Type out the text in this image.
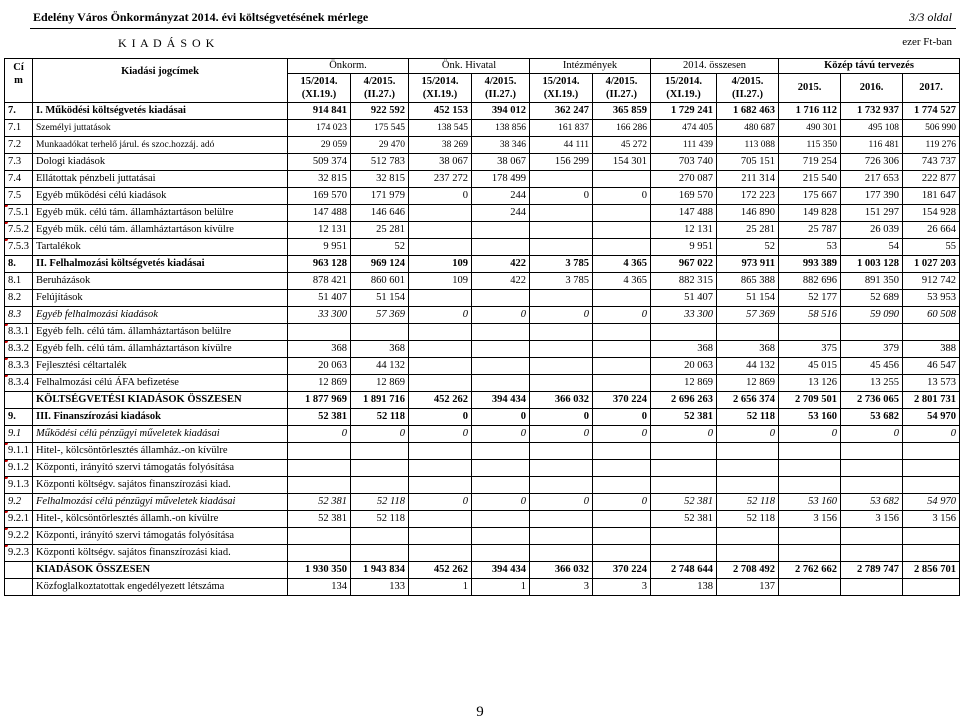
Edelény Város Önkormányzat 2014. évi költségvetésének mérlege	3/3 oldal
K I A D Á S O K	ezer Ft-ban
Cí
m	Kiadási jogcímek	Önkorm.		Önk. Hivatal		Intézmények		2014. összesen		Közép távú tervezés		
		15/2014. (XI.19.)	4/2015. (II.27.)	15/2014. (XI.19.)	4/2015. (II.27.)	15/2014. (XI.19.)	4/2015. (II.27.)	15/2014. (XI.19.)	4/2015. (II.27.)	2015.	2016.	2017.
7.	I. Működési költségvetés kiadásai	914 841	922 592	452 153	394 012	362 247	365 859	1 729 241	1 682 463	1 716 112	1 732 937	1 774 527
7.1	Személyi juttatások	174 023	175 545	138 545	138 856	161 837	166 286	474 405	480 687	490 301	495 108	506 990
7.2	Munkaadókat terhelő járul. és szoc.hozzáj. adó	29 059	29 470	38 269	38 346	44 111	45 272	111 439	113 088	115 350	116 481	119 276
7.3	Dologi kiadások	509 374	512 783	38 067	38 067	156 299	154 301	703 740	705 151	719 254	726 306	743 737
7.4	Ellátottak pénzbeli juttatásai	32 815	32 815	237 272	178 499			270 087	211 314	215 540	217 653	222 877
7.5	Egyéb működési célú kiadások	169 570	171 979	0	244	0	0	169 570	172 223	175 667	177 390	181 647
7.5.1	Egyéb műk. célú tám. államháztartáson belülre	147 488	146 646		244			147 488	146 890	149 828	151 297	154 928
7.5.2	Egyéb műk. célú tám. államháztartáson kívülre	12 131	25 281					12 131	25 281	25 787	26 039	26 664
7.5.3	Tartalékok	9 951	52					9 951	52	53	54	55
8.	II. Felhalmozási költségvetés kiadásai	963 128	969 124	109	422	3 785	4 365	967 022	973 911	993 389	1 003 128	1 027 203
8.1	Beruházások	878 421	860 601	109	422	3 785	4 365	882 315	865 388	882 696	891 350	912 742
8.2	Felújítások	51 407	51 154					51 407	51 154	52 177	52 689	53 953
8.3	Egyéb felhalmozási kiadások	33 300	57 369	0	0	0	0	33 300	57 369	58 516	59 090	60 508
8.3.1	Egyéb felh. célú tám. államháztartáson belülre											
8.3.2	Egyéb felh. célú tám. államháztartáson kívülre	368	368					368	368	375	379	388
8.3.3	Fejlesztési céltartalék	20 063	44 132					20 063	44 132	45 015	45 456	46 547
8.3.4	Felhalmozási célú ÁFA befizetése	12 869	12 869					12 869	12 869	13 126	13 255	13 573
	KÖLTSÉGVETÉSI KIADÁSOK ÖSSZESEN	1 877 969	1 891 716	452 262	394 434	366 032	370 224	2 696 263	2 656 374	2 709 501	2 736 065	2 801 731
9.	III. Finanszírozási kiadások	52 381	52 118	0	0	0	0	52 381	52 118	53 160	53 682	54 970
9.1	Működési célú pénzügyi műveletek kiadásai	0	0	0	0	0	0	0	0	0	0	0
9.1.1	Hitel-, kölcsöntörlesztés államház.-on kívülre											
9.1.2	Központi, irányító szervi támogatás folyósítása											
9.1.3	Központi költségv. sajátos finanszírozási kiad.											
9.2	Felhalmozási célú pénzügyi műveletek kiadásai	52 381	52 118	0	0	0	0	52 381	52 118	53 160	53 682	54 970
9.2.1	Hitel-, kölcsöntörlesztés államh.-on kívülre	52 381	52 118					52 381	52 118	3 156	3 156	3 156
9.2.2	Központi, irányító szervi támogatás folyósítása											
9.2.3	Központi költségv. sajátos finanszírozási kiad.											
	KIADÁSOK ÖSSZESEN	1 930 350	1 943 834	452 262	394 434	366 032	370 224	2 748 644	2 708 492	2 762 662	2 789 747	2 856 701
	Közfoglalkoztatottak engedélyezett létszáma	134	133	1	1	3	3	138	137			
9
